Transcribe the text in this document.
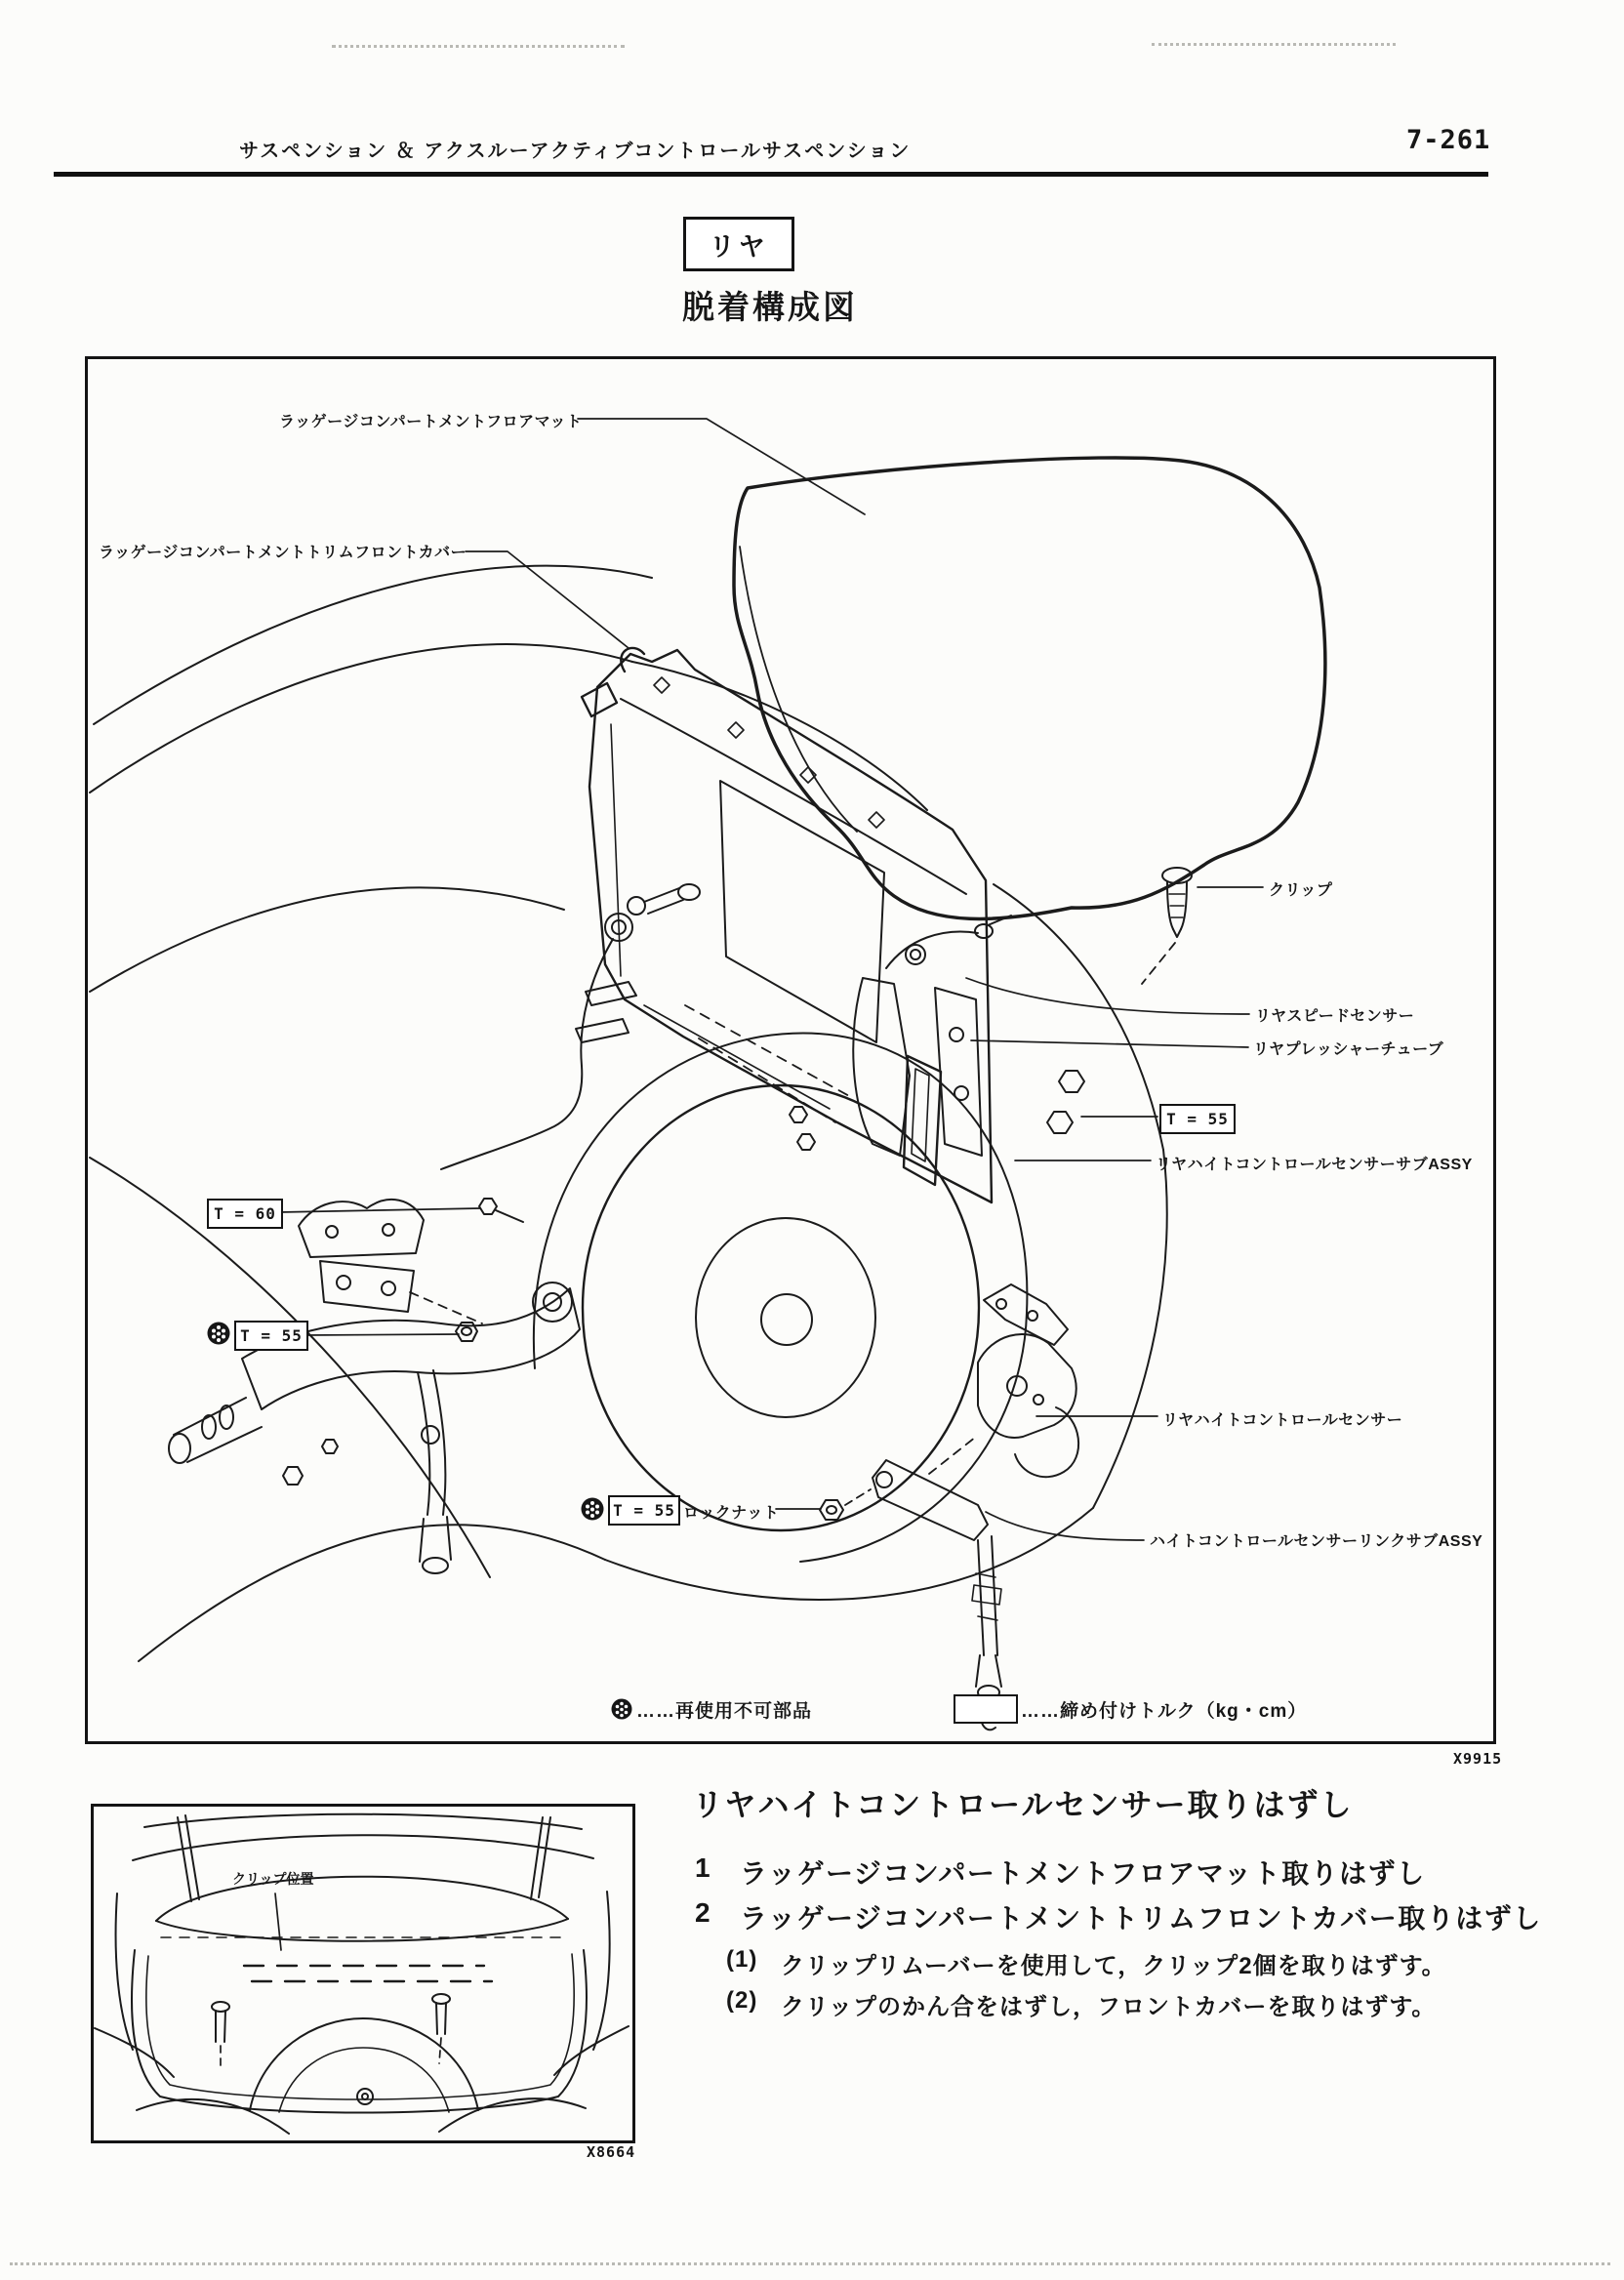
サスペンション ＆ アクスルーアクティブコントロールサスペンション	7-261
リヤ
脱着構成図
ラッゲージコンパートメントフロアマット
ラッゲージコンパートメントトリムフロントカバー
クリップ
リヤスピードセンサー
リヤプレッシャーチューブ
T = 55
リヤハイトコントロールセンサーサブASSY
T = 60
T = 55
リヤハイトコントロールセンサー
T = 55 ロックナット
ハイトコントロールセンサーリンクサブASSY
……再使用不可部品	……締め付けトルク（kg・cm）
X9915
クリップ位置
X8664
リヤハイトコントロールセンサー取りはずし
1	ラッゲージコンパートメントフロアマット取りはずし
2	ラッゲージコンパートメントトリムフロントカバー取りはずし
(1) クリップリムーバーを使用して，クリップ2個を取りはずす。
(2) クリップのかん合をはずし，フロントカバーを取りはずす。
